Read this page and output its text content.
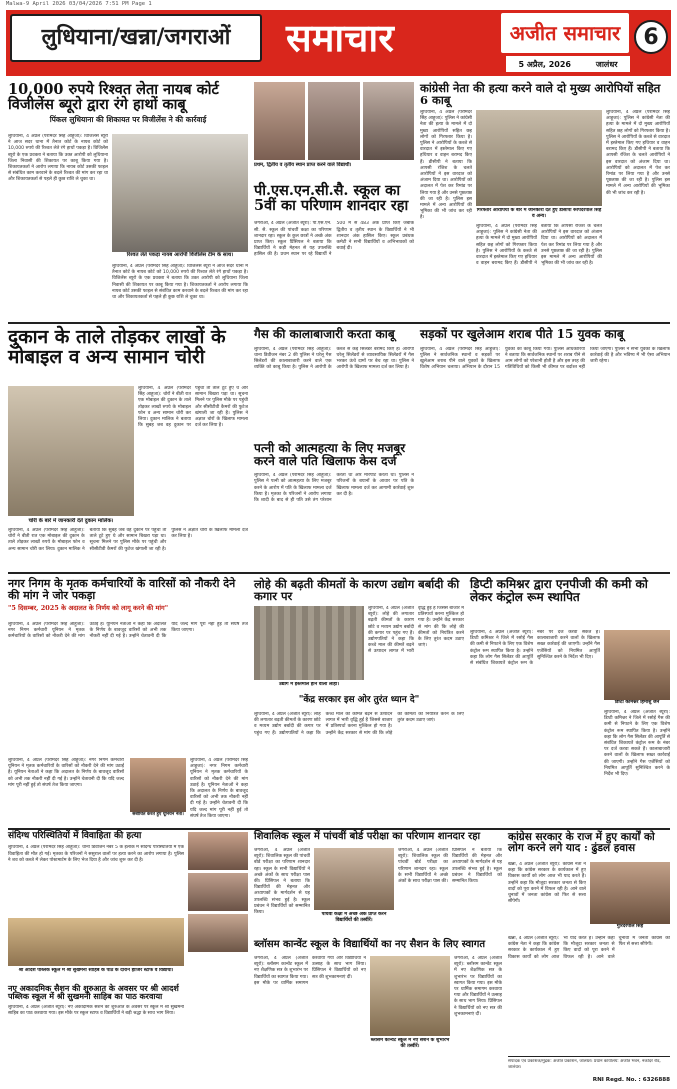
Malwa-9 April 2026 03/04/2026 7:51 PM Page 1
लुधियाना/खन्ना/जगराओं समाचार	अजीत समाचार
5 अप्रैल, 2026	जालंधर
6
10,000 रुपये रिश्वत लेता नायब कोर्ट विजीलेंस ब्यूरो द्वारा रंगे हाथों काबू
पिंकल लुधियाना की शिकायत पर विजीलेंस ने की कार्रवाई
लुधियाना, 4 अप्रैल (परमिंदर सिंह आहूजा): विजिलेंस ब्यूरो ने आज सदर थाना में तैनात कोर्ट के नायब कोर्ट को 10,000 रुपये की रिश्वत लेते रंगे हाथों पकड़ा है। विजिलेंस ब्यूरो के एक प्रवक्ता ने बताया कि उक्त आरोपी को लुधियाना जिला निवासी की शिकायत पर काबू किया गया है। शिकायतकर्ता ने आरोप लगाया कि नायब कोर्ट उसकी फाइल से संबंधित काम करवाने के बदले रिश्वत की मांग कर रहा था और शिकायतकर्ता से पहले ही कुछ राशि ले चुका था।
लुधियाना, 4 अप्रैल (परमिंदर सिंह आहूजा): विजिलेंस ब्यूरो ने आज सदर थाना में तैनात कोर्ट के नायब कोर्ट को 10,000 रुपये की रिश्वत लेते रंगे हाथों पकड़ा है। विजिलेंस ब्यूरो के एक प्रवक्ता ने बताया कि उक्त आरोपी को लुधियाना जिला निवासी की शिकायत पर काबू किया गया है। शिकायतकर्ता ने आरोप लगाया कि नायब कोर्ट उसकी फाइल से संबंधित काम करवाने के बदले रिश्वत की मांग कर रहा था और शिकायतकर्ता से पहले ही कुछ राशि ले चुका था।
रिश्वत लेते पकड़ा नायब आरोपी विजीलेंस टीम के साथ।
प्रथम, द्वितीय व तृतीय स्थान प्राप्त करने वाले विद्यार्थी।
पी.एस.एन.सी.सै. स्कूल का 5वीं का परिणाम शानदार रहा
जगराओं, 4 अप्रैल (अजीत ब्यूरो): पी.एस.एन. सी. सै. स्कूल की पांचवीं कक्षा का परिणाम शानदार रहा। स्कूल के कुल छात्रों ने अच्छे अंक प्राप्त किए। स्कूल प्रिंसिपल ने बताया कि विद्यार्थियों ने कड़ी मेहनत से यह उपलब्धि हासिल की है। प्रथम स्थान पर रहे विद्यार्थी ने 500 में से 483 अंक प्राप्त किए जबकि द्वितीय व तृतीय स्थान के विद्यार्थियों ने भी शानदार अंक हासिल किए। स्कूल प्रबंधक कमेटी ने सभी विद्यार्थियों व अभिभावकों को बधाई दी।
कांग्रेसी नेता की हत्या करने वाले दो मुख्य आरोपियों सहित 6 काबू
लुधियाना, 4 अप्रैल (परमिंदर सिंह आहूजा): पुलिस ने कांग्रेसी नेता की हत्या के मामले में दो मुख्य आरोपियों सहित छह लोगों को गिरफ्तार किया है। पुलिस ने आरोपियों के कब्जे से वारदात में इस्तेमाल किए गए हथियार व वाहन बरामद किए हैं। डीसीपी ने बताया कि आपसी रंजिश के चलते आरोपियों ने इस वारदात को अंजाम दिया था। आरोपियों को अदालत में पेश कर रिमांड पर लिया गया है और उनसे पूछताछ की जा रही है। पुलिस इस मामले में अन्य आरोपियों की भूमिका की भी जांच कर रही है।
गिरफ्तार आरोपियों के बारे में जानकारी देते हुए डीसीपी रूपिंदरपाल सिंह व अन्य।
लुधियाना, 4 अप्रैल (परमिंदर सिंह आहूजा): पुलिस ने कांग्रेसी नेता की हत्या के मामले में दो मुख्य आरोपियों सहित छह लोगों को गिरफ्तार किया है। पुलिस ने आरोपियों के कब्जे से वारदात में इस्तेमाल किए गए हथियार व वाहन बरामद किए हैं। डीसीपी ने बताया कि आपसी रंजिश के चलते आरोपियों ने इस वारदात को अंजाम दिया था। आरोपियों को अदालत में पेश कर रिमांड पर लिया गया है और उनसे पूछताछ की जा रही है। पुलिस इस मामले में अन्य आरोपियों की भूमिका की भी जांच कर रही है।
लुधियाना, 4 अप्रैल (परमिंदर सिंह आहूजा): पुलिस ने कांग्रेसी नेता की हत्या के मामले में दो मुख्य आरोपियों सहित छह लोगों को गिरफ्तार किया है। पुलिस ने आरोपियों के कब्जे से वारदात में इस्तेमाल किए गए हथियार व वाहन बरामद किए हैं। डीसीपी ने बताया कि आपसी रंजिश के चलते आरोपियों ने इस वारदात को अंजाम दिया था। आरोपियों को अदालत में पेश कर रिमांड पर लिया गया है और उनसे पूछताछ की जा रही है। पुलिस इस मामले में अन्य आरोपियों की भूमिका की भी जांच कर रही है।
दुकान के ताले तोड़कर लाखों के मोबाइल व अन्य सामान चोरी
चोरी के बारे में जानकारी देते दुकान मालिक।
लुधियाना, 4 अप्रैल (परमिंदर सिंह आहूजा): चोरों ने बीती रात एक मोबाइल की दुकान के ताले तोड़कर लाखों रुपये के मोबाइल फोन व अन्य सामान चोरी कर लिया। दुकान मालिक ने बताया कि सुबह जब वह दुकान पर पहुंचा तो ताले टूटे हुए थे और सामान बिखरा पड़ा था। सूचना मिलने पर पुलिस मौके पर पहुंची और सीसीटीवी कैमरों की फुटेज खंगाली जा रही है। पुलिस ने अज्ञात चोरों के खिलाफ मामला दर्ज कर लिया है।
लुधियाना, 4 अप्रैल (परमिंदर सिंह आहूजा): चोरों ने बीती रात एक मोबाइल की दुकान के ताले तोड़कर लाखों रुपये के मोबाइल फोन व अन्य सामान चोरी कर लिया। दुकान मालिक ने बताया कि सुबह जब वह दुकान पर पहुंचा तो ताले टूटे हुए थे और सामान बिखरा पड़ा था। सूचना मिलने पर पुलिस मौके पर पहुंची और सीसीटीवी कैमरों की फुटेज खंगाली जा रही है। पुलिस ने अज्ञात चोरों के खिलाफ मामला दर्ज कर लिया है।
गैस की कालाबाजारी करता काबू
लुधियाना, 4 अप्रैल (परमिंदर सिंह आहूजा): थाना डिवीजन नंबर 2 की पुलिस ने घरेलू गैस सिलेंडरों की कालाबाजारी करने वाले एक व्यक्ति को काबू किया है। पुलिस ने आरोपी के कब्जे से कई सिलेंडर बरामद किए हैं। आरोपी घरेलू सिलेंडरों से व्यावसायिक सिलेंडरों में गैस भरकर ऊंचे दामों पर बेच रहा था। पुलिस ने आरोपी के खिलाफ मामला दर्ज कर लिया है।
पत्नी को आत्महत्या के लिए मजबूर करने वाले पति खिलाफ केस दर्ज
लुधियाना, 4 अप्रैल (परमिंदर सिंह आहूजा): पुलिस ने पत्नी को आत्महत्या के लिए मजबूर करने के आरोप में पति के खिलाफ मामला दर्ज किया है। मृतका के परिजनों ने आरोप लगाया कि शादी के बाद से ही पति उसे तंग परेशान करता था और मारपीट करता था। पुलिस ने परिजनों के बयानों के आधार पर पति के खिलाफ मामला दर्ज कर आगामी कार्रवाई शुरू कर दी है।
सड़कों पर खुलेआम शराब पीते 15 युवक काबू
लुधियाना, 4 अप्रैल (परमिंदर सिंह आहूजा): पुलिस ने सार्वजनिक स्थानों व सड़कों पर खुलेआम शराब पीने वाले युवकों के खिलाफ विशेष अभियान चलाया। अभियान के दौरान 15 युवकों को काबू किया गया। पुलिस अधिकारियों ने बताया कि सार्वजनिक स्थानों पर शराब पीने से आम लोगों को परेशानी होती है और इस तरह की गतिविधियों को किसी भी कीमत पर बर्दाश्त नहीं किया जाएगा। पुलिस ने सभी युवकों के खिलाफ कार्रवाई की है और भविष्य में भी ऐसा अभियान जारी रहेगा।
नगर निगम के मृतक कर्मचारियों के वारिसों को नौकरी देने की मांग ने जोर पकड़ा
"5 दिसम्बर, 2025 के अदालत के निर्णय को लागू करने की मांग"
लुधियाना, 4 अप्रैल (परमिंदर सिंह आहूजा): नगर निगम कर्मचारी यूनियन ने मृतक कर्मचारियों के वारिसों को नौकरी देने की मांग उठाई है। यूनियन नेताओं ने कहा कि अदालत के निर्णय के बावजूद वारिसों को अभी तक नौकरी नहीं दी गई है। उन्होंने चेतावनी दी कि यदि जल्द मांग पूरी नहीं हुई तो संघर्ष तेज किया जाएगा।
लुधियाना, 4 अप्रैल (परमिंदर सिंह आहूजा): नगर निगम कर्मचारी यूनियन ने मृतक कर्मचारियों के वारिसों को नौकरी देने की मांग उठाई है। यूनियन नेताओं ने कहा कि अदालत के निर्णय के बावजूद वारिसों को अभी तक नौकरी नहीं दी गई है। उन्होंने चेतावनी दी कि यदि जल्द मांग पूरी नहीं हुई तो संघर्ष तेज किया जाएगा।
संबोधित करते हुए यूनियन नेता।
लुधियाना, 4 अप्रैल (परमिंदर सिंह आहूजा): नगर निगम कर्मचारी यूनियन ने मृतक कर्मचारियों के वारिसों को नौकरी देने की मांग उठाई है। यूनियन नेताओं ने कहा कि अदालत के निर्णय के बावजूद वारिसों को अभी तक नौकरी नहीं दी गई है। उन्होंने चेतावनी दी कि यदि जल्द मांग पूरी नहीं हुई तो संघर्ष तेज किया जाएगा।
लोहे की बढ़ती कीमतों के कारण उद्योग बर्बादी की कगार पर
उद्योग में इस्तेमाल होने वाला लोहा।
लुधियाना, 4 अप्रैल (अजीत ब्यूरो): लोहे की लगातार बढ़ती कीमतों के कारण छोटे व मध्यम उद्योग बर्बादी की कगार पर पहुंच गए हैं। उद्योगपतियों ने कहा कि कच्चे माल की कीमतें बढ़ने से उत्पादन लागत में भारी वृद्धि हुई है जिससे बाजार में प्रतिस्पर्धा करना मुश्किल हो गया है। उन्होंने केंद्र सरकार से मांग की कि लोहे की कीमतों को नियंत्रित करने के लिए तुरंत कदम उठाए जाएं।
"केंद्र सरकार इस ओर तुरंत ध्यान दे"
लुधियाना, 4 अप्रैल (अजीत ब्यूरो): लोहे की लगातार बढ़ती कीमतों के कारण छोटे व मध्यम उद्योग बर्बादी की कगार पर पहुंच गए हैं। उद्योगपतियों ने कहा कि कच्चे माल की कीमतें बढ़ने से उत्पादन लागत में भारी वृद्धि हुई है जिससे बाजार में प्रतिस्पर्धा करना मुश्किल हो गया है। उन्होंने केंद्र सरकार से मांग की कि लोहे की कीमतों को नियंत्रित करने के लिए तुरंत कदम उठाए जाएं।
डिप्टी कमिश्नर द्वारा एनपीजी की कमी को लेकर कंट्रोल रूम स्थापित
लुधियाना, 4 अप्रैल (अजीत ब्यूरो): डिप्टी कमिश्नर ने जिले में रसोई गैस की कमी से निपटने के लिए एक विशेष कंट्रोल रूम स्थापित किया है। उन्होंने कहा कि लोग गैस सिलेंडर की आपूर्ति से संबंधित शिकायतें कंट्रोल रूम के नंबर पर दर्ज करवा सकते हैं। कालाबाजारी करने वालों के खिलाफ सख्त कार्रवाई की जाएगी। उन्होंने गैस एजेंसियों को नियमित आपूर्ति सुनिश्चित करने के निर्देश भी दिए।
डिप्टी कमिश्नर हिमांशु जैन
लुधियाना, 4 अप्रैल (अजीत ब्यूरो): डिप्टी कमिश्नर ने जिले में रसोई गैस की कमी से निपटने के लिए एक विशेष कंट्रोल रूम स्थापित किया है। उन्होंने कहा कि लोग गैस सिलेंडर की आपूर्ति से संबंधित शिकायतें कंट्रोल रूम के नंबर पर दर्ज करवा सकते हैं। कालाबाजारी करने वालों के खिलाफ सख्त कार्रवाई की जाएगी। उन्होंने गैस एजेंसियों को नियमित आपूर्ति सुनिश्चित करने के निर्देश भी दिए।
संदिग्ध परिस्थितियों में विवाहिता की हत्या
लुधियाना, 4 अप्रैल (परमिंदर सिंह आहूजा): थाना डिवीजन नंबर 5 के इलाके में संदिग्ध परिस्थितियों में एक विवाहिता की मौत हो गई। मृतका के परिजनों ने ससुराल वालों पर हत्या करने का आरोप लगाया है। पुलिस ने शव को कब्जे में लेकर पोस्टमार्टम के लिए भेज दिया है और जांच शुरू कर दी है।
श्री आदर्श पब्लिक स्कूल में श्री सुखमनी साहिब के पाठ के दौरान हाजिर स्टाफ व विद्यार्थी।
नए अकादमिक सैशन की शुरुआत के अवसर पर श्री आदर्श पब्लिक स्कूल में श्री सुखमनी साहिब का पाठ करवाया
लुधियाना, 4 अप्रैल (अजीत ब्यूरो): नए अकादमिक सैशन की शुरुआत के अवसर पर स्कूल में श्री सुखमनी साहिब का पाठ करवाया गया। इस मौके पर स्कूल स्टाफ व विद्यार्थियों ने बड़ी श्रद्धा के साथ भाग लिया।
शिवालिक स्कूल में पांचवीं बोर्ड परीक्षा का परिणाम शानदार रहा
जगराओं, 4 अप्रैल (अजीत ब्यूरो): शिवालिक स्कूल की पांचवीं बोर्ड परीक्षा का परिणाम शानदार रहा। स्कूल के सभी विद्यार्थियों ने अच्छे अंकों के साथ परीक्षा पास की। प्रिंसिपल ने बताया कि विद्यार्थियों की मेहनत और अध्यापकों के मार्गदर्शन से यह उपलब्धि संभव हुई है। स्कूल प्रबंधन ने विद्यार्थियों को सम्मानित किया।	पांचवीं कक्षा में अच्छे अंक प्राप्त करने विद्यार्थियों की तस्वीरें।
जगराओं, 4 अप्रैल (अजीत ब्यूरो): शिवालिक स्कूल की पांचवीं बोर्ड परीक्षा का परिणाम शानदार रहा। स्कूल के सभी विद्यार्थियों ने अच्छे अंकों के साथ परीक्षा पास की। प्रिंसिपल ने बताया कि विद्यार्थियों की मेहनत और अध्यापकों के मार्गदर्शन से यह उपलब्धि संभव हुई है। स्कूल प्रबंधन ने विद्यार्थियों को सम्मानित किया।
ब्लॉसम कान्वेंट स्कूल के विद्यार्थियों का नए सैशन के लिए स्वागत
जगराओं, 4 अप्रैल (अजीत ब्यूरो): ब्लॉसम कान्वेंट स्कूल में नए शैक्षणिक सत्र के शुभारंभ पर विद्यार्थियों का स्वागत किया गया। इस मौके पर धार्मिक समागम करवाया गया और विद्यार्थियों ने उत्साह के साथ भाग लिया। प्रिंसिपल ने विद्यार्थियों को नए सत्र की शुभकामनाएं दीं।
ब्लॉसम कान्वेंट स्कूल में नए सैशन के शुभारंभ की तस्वीरें।
जगराओं, 4 अप्रैल (अजीत ब्यूरो): ब्लॉसम कान्वेंट स्कूल में नए शैक्षणिक सत्र के शुभारंभ पर विद्यार्थियों का स्वागत किया गया। इस मौके पर धार्मिक समागम करवाया गया और विद्यार्थियों ने उत्साह के साथ भाग लिया। प्रिंसिपल ने विद्यार्थियों को नए सत्र की शुभकामनाएं दीं।
कांग्रेस सरकार के राज में हुए कार्यों को लोग करने लगे याद : ढुंडल हवास
खन्ना, 4 अप्रैल (अजीत ब्यूरो): कांग्रेस नेता ने कहा कि कांग्रेस सरकार के कार्यकाल में हुए विकास कार्यों को लोग आज भी याद करते हैं। उन्होंने कहा कि मौजूदा सरकार जनता से किए वादों को पूरा करने में विफल रही है। आने वाले चुनावों में जनता कांग्रेस को फिर से सत्ता सौंपेगी।
गुरिंदरपाल सिंह
खन्ना, 4 अप्रैल (अजीत ब्यूरो): कांग्रेस नेता ने कहा कि कांग्रेस सरकार के कार्यकाल में हुए विकास कार्यों को लोग आज भी याद करते हैं। उन्होंने कहा कि मौजूदा सरकार जनता से किए वादों को पूरा करने में विफल रही है। आने वाले चुनावों में जनता कांग्रेस को फिर से सत्ता सौंपेगी।
संपादक एवं प्रकाशक/मुद्रक: अजीत प्रकाशन, जालंधर। प्रधान कार्यालय: अजीत भवन, नकोदर रोड, जालंधर।
RNI Regd. No. : 6326888
